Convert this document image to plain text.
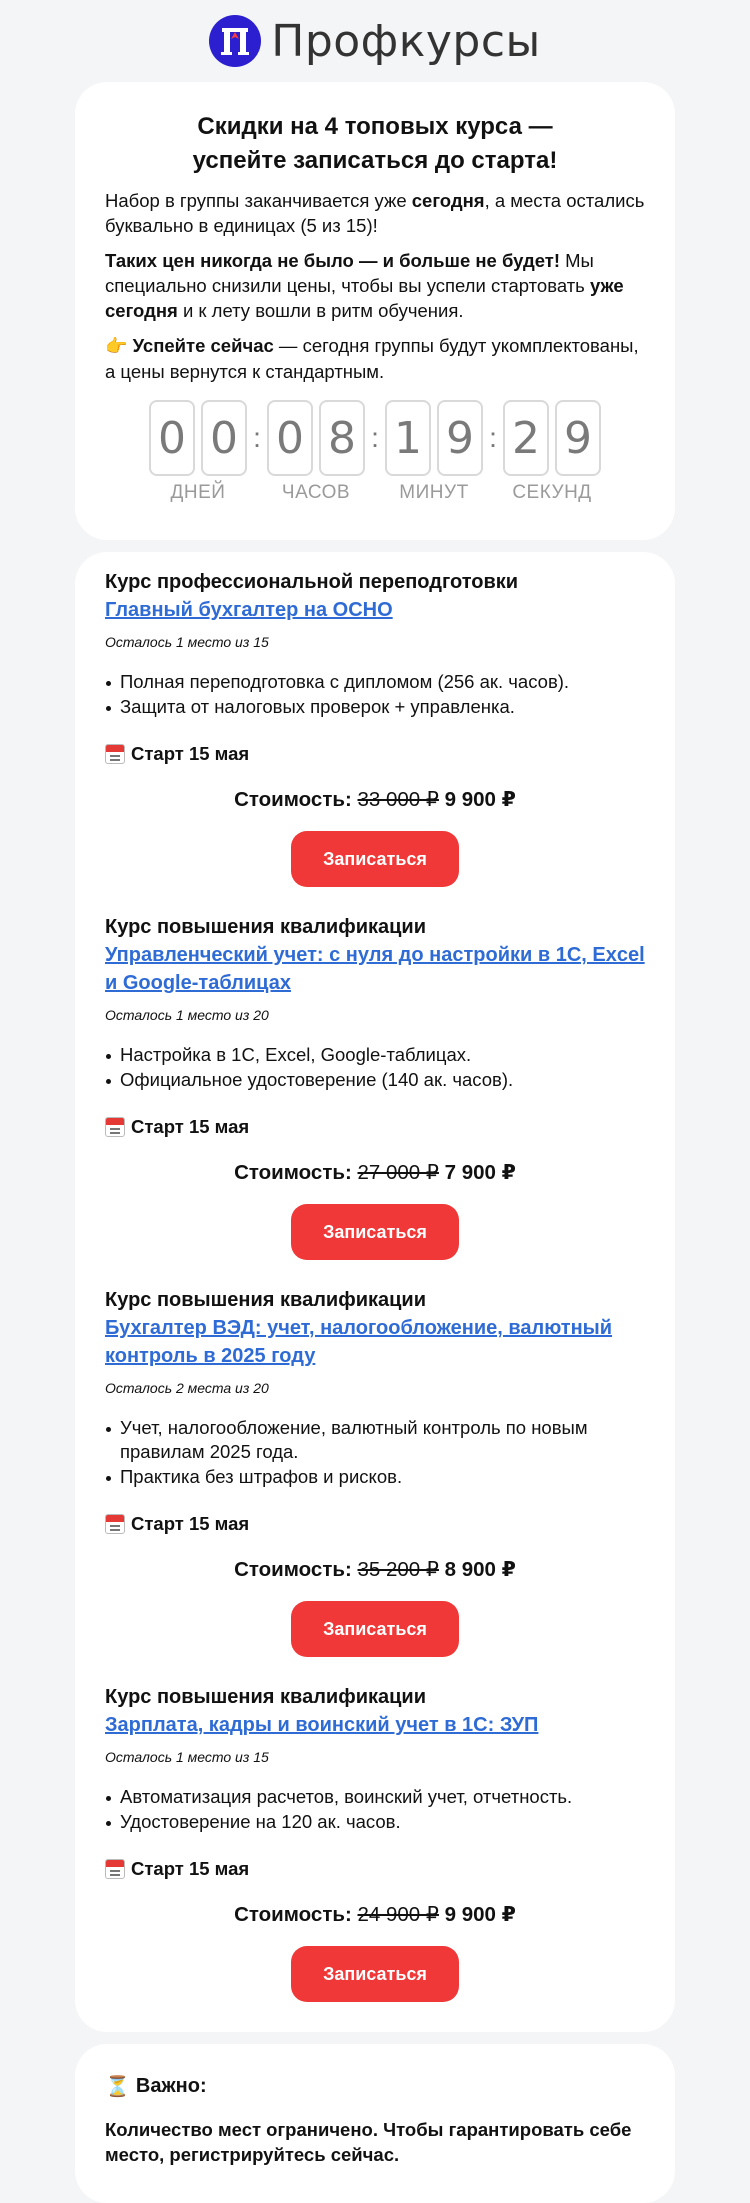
Профкурсы
Скидки на 4 топовых курса —
успейте записаться до старта!

Набор в группы заканчивается уже сегодня, а места остались буквально в единицах (5 из 15)!

Таких цен никогда не было — и больше не будет! Мы специально снизили цены, чтобы вы успели стартовать уже сегодня и к лету вошли в ритм обучения.

👉 Успейте сейчас — сегодня группы будут укомплектованы, а цены вернутся к стандартным.

0 0
ДНЕЙ
: 0 8
ЧАСОВ
: 1 9
МИНУТ
: 2 9
СЕКУНД
Курс профессиональной переподготовки
Главный бухгалтер на ОСНО
Осталось 1 место из 15
Полная переподготовка с дипломом (256 ак. часов).
Защита от налоговых проверок + управленка.
Старт 15 мая
Стоимость: 33 000 ₽ 9 900 ₽
Записаться
Курс повышения квалификации
Управленческий учет: с нуля до настройки в 1С, Excel и Google-таблицах
Осталось 1 место из 20
Настройка в 1С, Excel, Google-таблицах.
Официальное удостоверение (140 ак. часов).
Старт 15 мая
Стоимость: 27 000 ₽ 7 900 ₽
Записаться
Курс повышения квалификации
Бухгалтер ВЭД: учет, налогообложение, валютный контроль в 2025 году
Осталось 2 места из 20
Учет, налогообложение, валютный контроль по новым правилам 2025 года.
Практика без штрафов и рисков.
Старт 15 мая
Стоимость: 35 200 ₽ 8 900 ₽
Записаться
Курс повышения квалификации
Зарплата, кадры и воинский учет в 1С: ЗУП
Осталось 1 место из 15
Автоматизация расчетов, воинский учет, отчетность.
Удостоверение на 120 ак. часов.
Старт 15 мая
Стоимость: 24 900 ₽ 9 900 ₽
Записаться
⏳ Важно:

Количество мест ограничено. Чтобы гарантировать себе место, регистрируйтесь сейчас.
